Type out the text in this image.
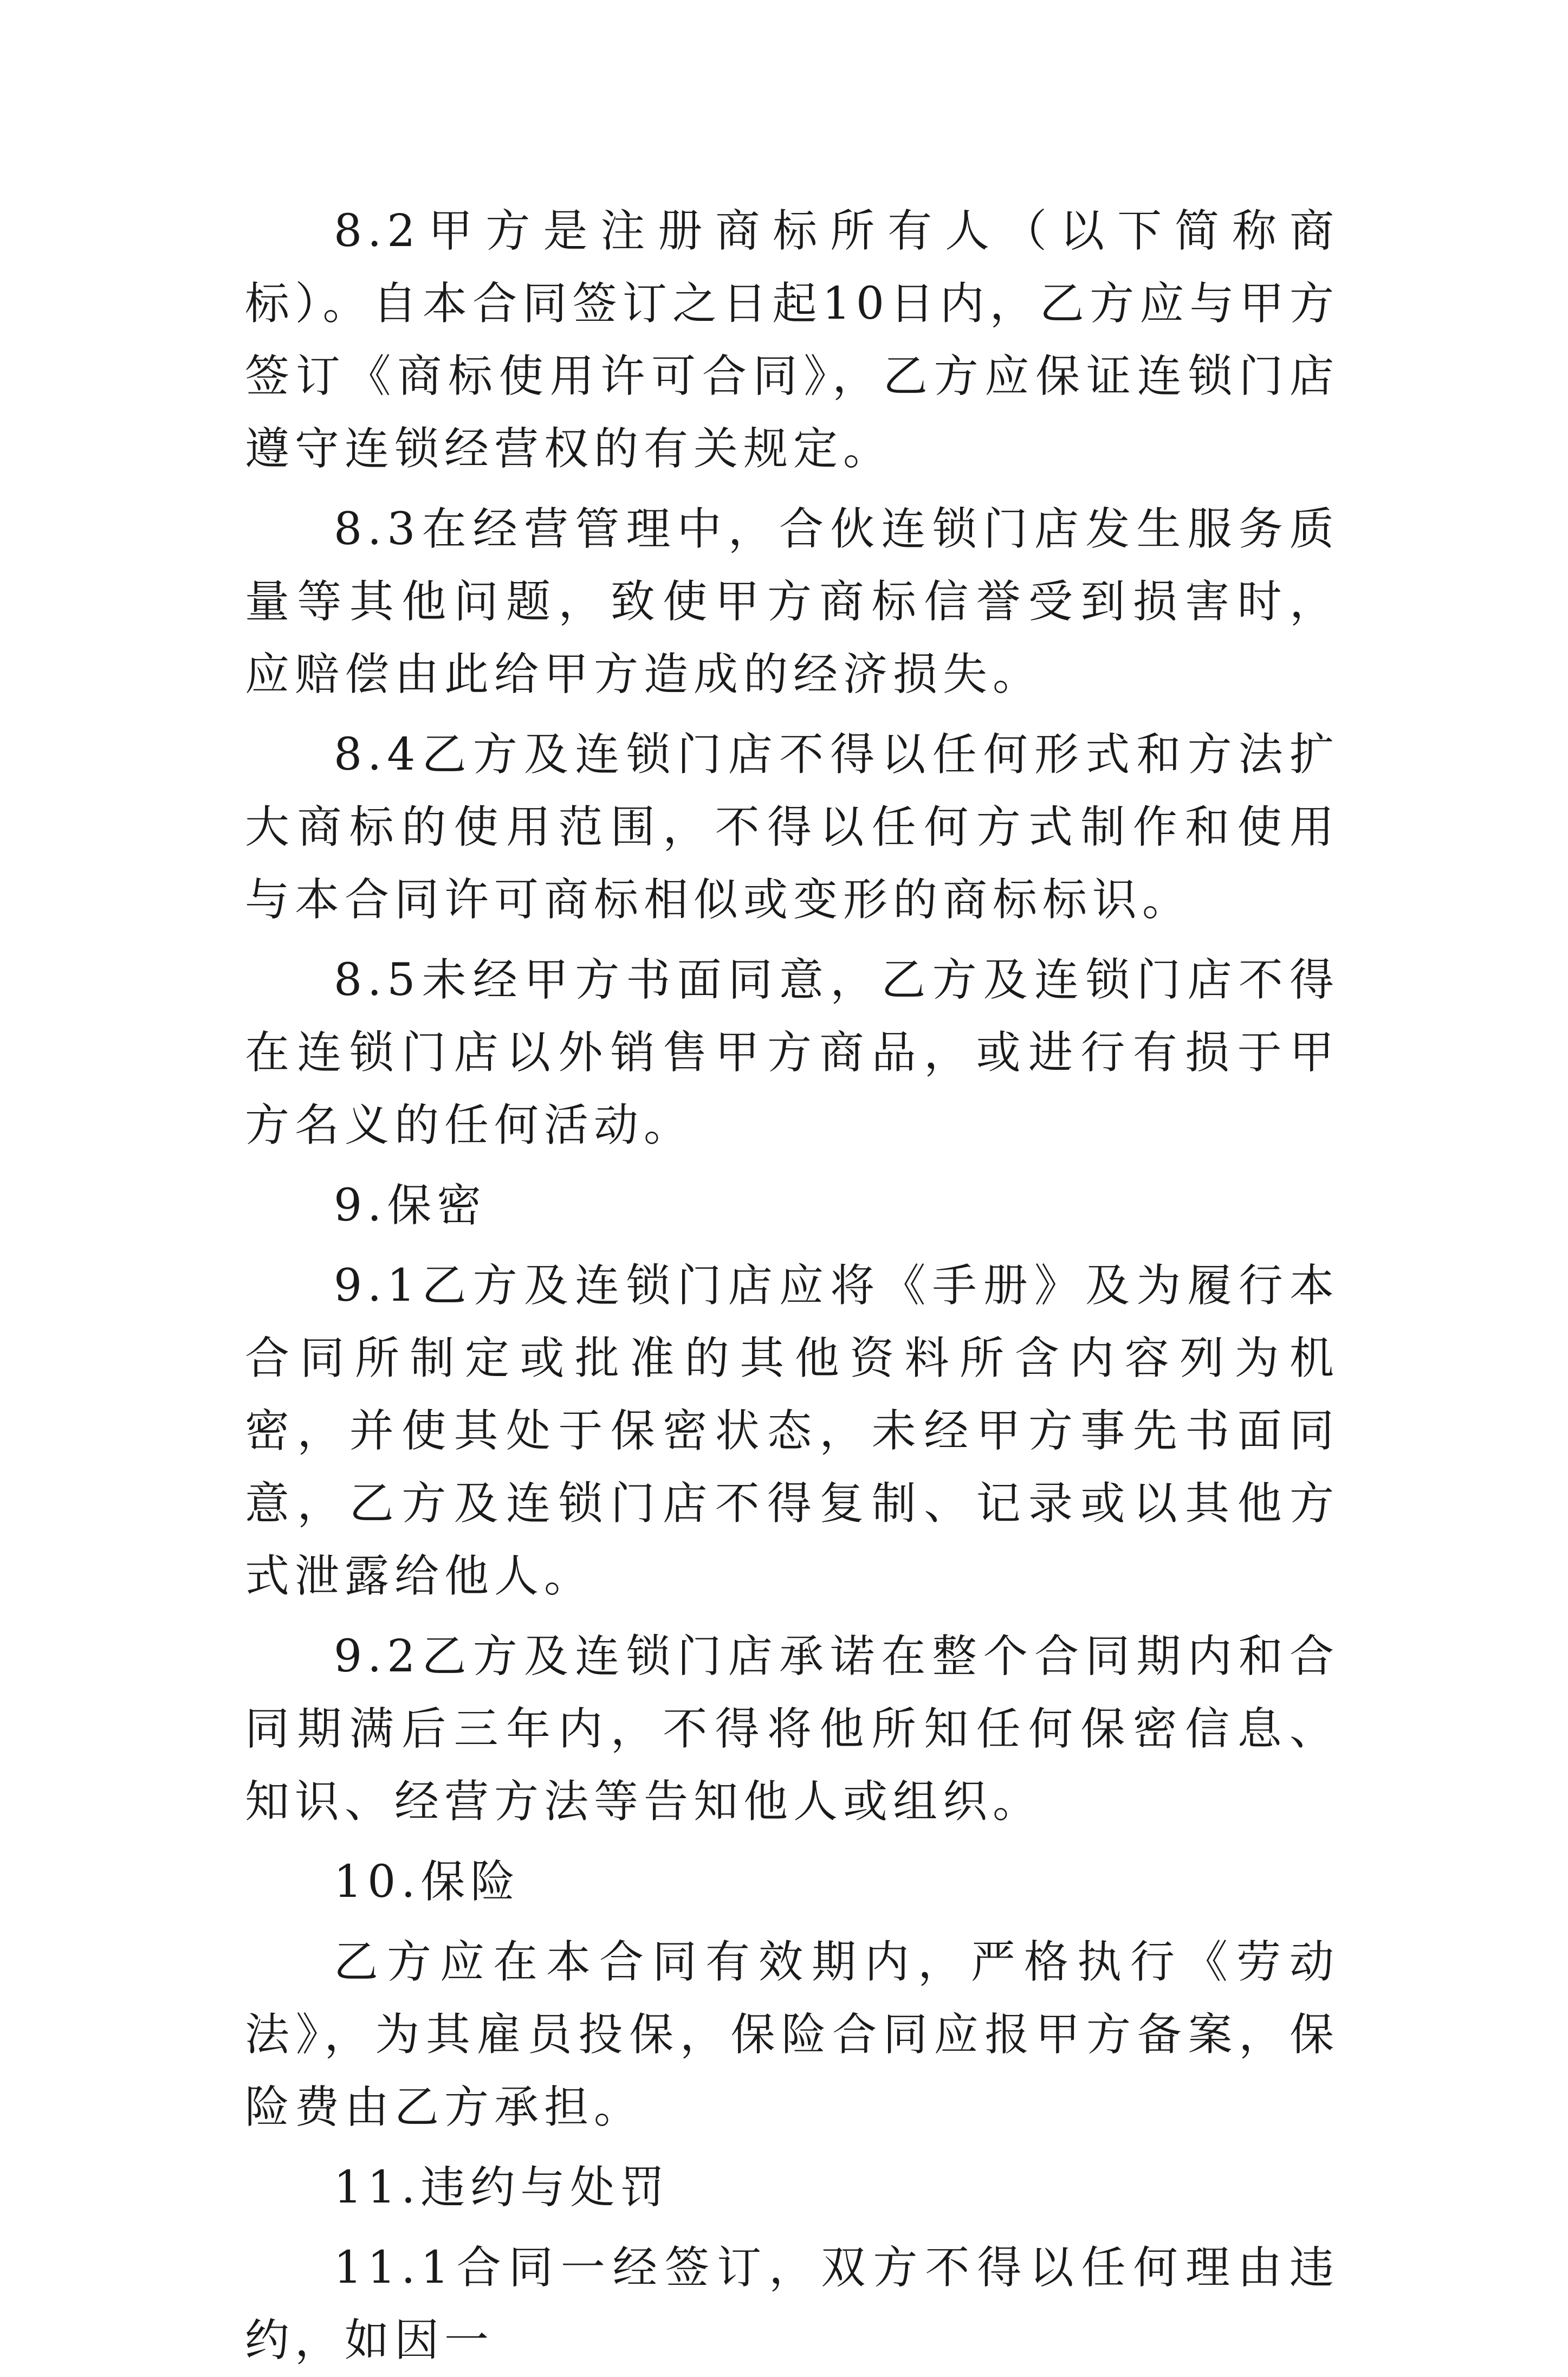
8.2甲方是注册商标所有人（以下简称商标）。自本合同签订之日起10日内，乙方应与甲方签订《商标使用许可合同》，乙方应保证连锁门店遵守连锁经营权的有关规定。

8.3在经营管理中，合伙连锁门店发生服务质量等其他问题，致使甲方商标信誉受到损害时，应赔偿由此给甲方造成的经济损失。

8.4乙方及连锁门店不得以任何形式和方法扩大商标的使用范围，不得以任何方式制作和使用与本合同许可商标相似或变形的商标标识。

8.5未经甲方书面同意，乙方及连锁门店不得在连锁门店以外销售甲方商品，或进行有损于甲方名义的任何活动。

9.保密

9.1乙方及连锁门店应将《手册》及为履行本合同所制定或批准的其他资料所含内容列为机密，并使其处于保密状态，未经甲方事先书面同意，乙方及连锁门店不得复制、记录或以其他方式泄露给他人。

9.2乙方及连锁门店承诺在整个合同期内和合同期满后三年内，不得将他所知任何保密信息、知识、经营方法等告知他人或组织。

10.保险

乙方应在本合同有效期内，严格执行《劳动法》，为其雇员投保，保险合同应报甲方备案，保险费由乙方承担。

11.违约与处罚

11.1合同一经签订，双方不得以任何理由违约，如因一
